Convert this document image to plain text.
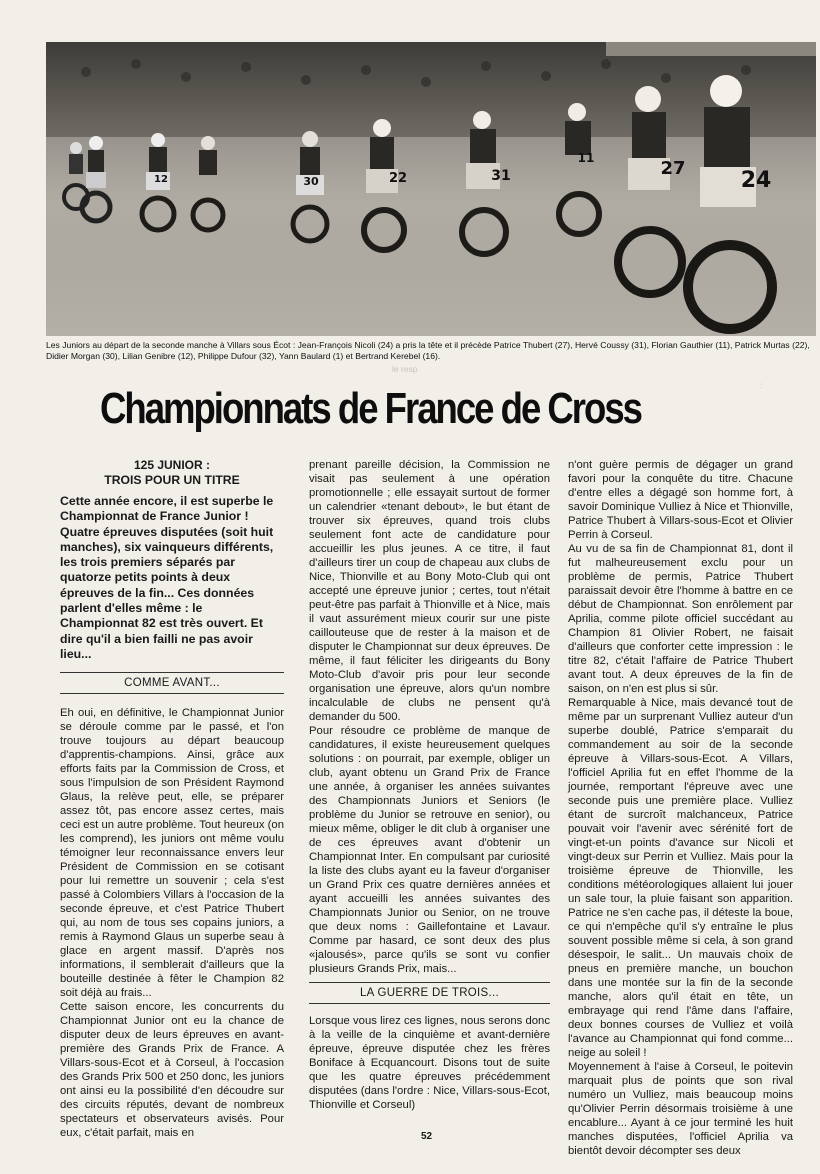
24
27
31
11
22
30
12
Les Juniors au départ de la seconde manche à Villars sous Écot : Jean-François Nicoli (24) a pris la tête et il précède Patrice Thubert (27), Hervé Coussy (31), Florian Gauthier (11), Patrick Murtas (22), Didier Morgan (30), Lilian Genibre (12), Philippe Dufour (32), Yann Baulard (1) et Bertrand Kerebel (16).
le resp
:
Championnats de France de Cross
125 JUNIOR :
TROIS POUR UN TITRE

Cette année encore, il est superbe le Championnat de France Junior ! Quatre épreuves disputées (soit huit manches), six vainqueurs différents, les trois premiers séparés par quatorze petits points à deux épreuves de la fin... Ces données parlent d'elles même : le Championnat 82 est très ouvert. Et dire qu'il a bien failli ne pas avoir lieu...

COMME AVANT...

Eh oui, en définitive, le Championnat Junior se déroule comme par le passé, et l'on trouve toujours au départ beaucoup d'apprentis-champions. Ainsi, grâce aux efforts faits par la Commission de Cross, et sous l'impulsion de son Président Raymond Glaus, la relève peut, elle, se préparer assez tôt, pas encore assez certes, mais ceci est un autre problème. Tout heureux (on les comprend), les juniors ont même voulu témoigner leur reconnaissance envers leur Président de Commission en se cotisant pour lui remettre un souvenir ; cela s'est passé à Colombiers Villars à l'occasion de la seconde épreuve, et c'est Patrice Thubert qui, au nom de tous ses copains juniors, a remis à Raymond Glaus un superbe seau à glace en argent massif. D'après nos informations, il semblerait d'ailleurs que la bouteille destinée à fêter le Champion 82 soit déjà au frais...

Cette saison encore, les concurrents du Championnat Junior ont eu la chance de disputer deux de leurs épreuves en avant-première des Grands Prix de France. A Villars-sous-Ecot et à Corseul, à l'occasion des Grands Prix 500 et 250 donc, les juniors ont ainsi eu la possibilité d'en découdre sur des circuits réputés, devant de nombreux spectateurs et observateurs avisés. Pour eux, c'était parfait, mais en

prenant pareille décision, la Commission ne visait pas seulement à une opération promotionnelle ; elle essayait surtout de former un calendrier «tenant debout», le but étant de trouver six épreuves, quand trois clubs seulement font acte de candidature pour accueillir les plus jeunes. A ce titre, il faut d'ailleurs tirer un coup de chapeau aux clubs de Nice, Thionville et au Bony Moto-Club qui ont accepté une épreuve junior ; certes, tout n'était peut-être pas parfait à Thionville et à Nice, mais il vaut assurément mieux courir sur une piste caillouteuse que de rester à la maison et de disputer le Championnat sur deux épreuves. De même, il faut féliciter les dirigeants du Bony Moto-Club d'avoir pris pour leur seconde organisation une épreuve, alors qu'un nombre incalculable de clubs ne pensent qu'à demander du 500.

Pour résoudre ce problème de manque de candidatures, il existe heureusement quelques solutions : on pourrait, par exemple, obliger un club, ayant obtenu un Grand Prix de France une année, à organiser les années suivantes des Championnats Juniors et Seniors (le problème du Junior se retrouve en senior), ou mieux même, obliger le dit club à organiser une de ces épreuves avant d'obtenir un Championnat Inter. En compulsant par curiosité la liste des clubs ayant eu la faveur d'organiser un Grand Prix ces quatre dernières années et ayant accueilli les années suivantes des Championnats Junior ou Senior, on ne trouve que deux noms : Gaillefontaine et Lavaur. Comme par hasard, ce sont deux des plus «jalousés», parce qu'ils se sont vu confier plusieurs Grands Prix, mais...

LA GUERRE DE TROIS...

Lorsque vous lirez ces lignes, nous serons donc à la veille de la cinquième et avant-dernière épreuve, épreuve disputée chez les frères Boniface à Ecquancourt. Disons tout de suite que les quatre épreuves précédemment disputées (dans l'ordre : Nice, Villars-sous-Ecot, Thionville et Corseul)

n'ont guère permis de dégager un grand favori pour la conquête du titre. Chacune d'entre elles a dégagé son homme fort, à savoir Dominique Vulliez à Nice et Thionville, Patrice Thubert à Villars-sous-Ecot et Olivier Perrin à Corseul.

Au vu de sa fin de Championnat 81, dont il fut malheureusement exclu pour un problème de permis, Patrice Thubert paraissait devoir être l'homme à battre en ce début de Championnat. Son enrôlement par Aprilia, comme pilote officiel succédant au Champion 81 Olivier Robert, ne faisait d'ailleurs que conforter cette impression : le titre 82, c'était l'affaire de Patrice Thubert avant tout. A deux épreuves de la fin de saison, on n'en est plus si sûr.

Remarquable à Nice, mais devancé tout de même par un surprenant Vulliez auteur d'un superbe doublé, Patrice s'emparait du commandement au soir de la seconde épreuve à Villars-sous-Ecot. A Villars, l'officiel Aprilia fut en effet l'homme de la journée, remportant l'épreuve avec une seconde puis une première place. Vulliez étant de surcroît malchanceux, Patrice pouvait voir l'avenir avec sérénité fort de vingt-et-un points d'avance sur Nicoli et vingt-deux sur Perrin et Vulliez. Mais pour la troisième épreuve de Thionville, les conditions météorologiques allaient lui jouer un sale tour, la pluie faisant son apparition. Patrice ne s'en cache pas, il déteste la boue, ce qui n'empêche qu'il s'y entraîne le plus souvent possible même si cela, à son grand désespoir, le salit... Un mauvais choix de pneus en première manche, un bouchon dans une montée sur la fin de la seconde manche, alors qu'il était en tête, un embrayage qui rend l'âme dans l'affaire, deux bonnes courses de Vulliez et voilà l'avance au Championnat qui fond comme... neige au soleil !

Moyennement à l'aise à Corseul, le poitevin marquait plus de points que son rival numéro un Vulliez, mais beaucoup moins qu'Olivier Perrin désormais troisième à une encablure... Ayant à ce jour terminé les huit manches disputées, l'officiel Aprilia va bientôt devoir décompter ses deux

52
